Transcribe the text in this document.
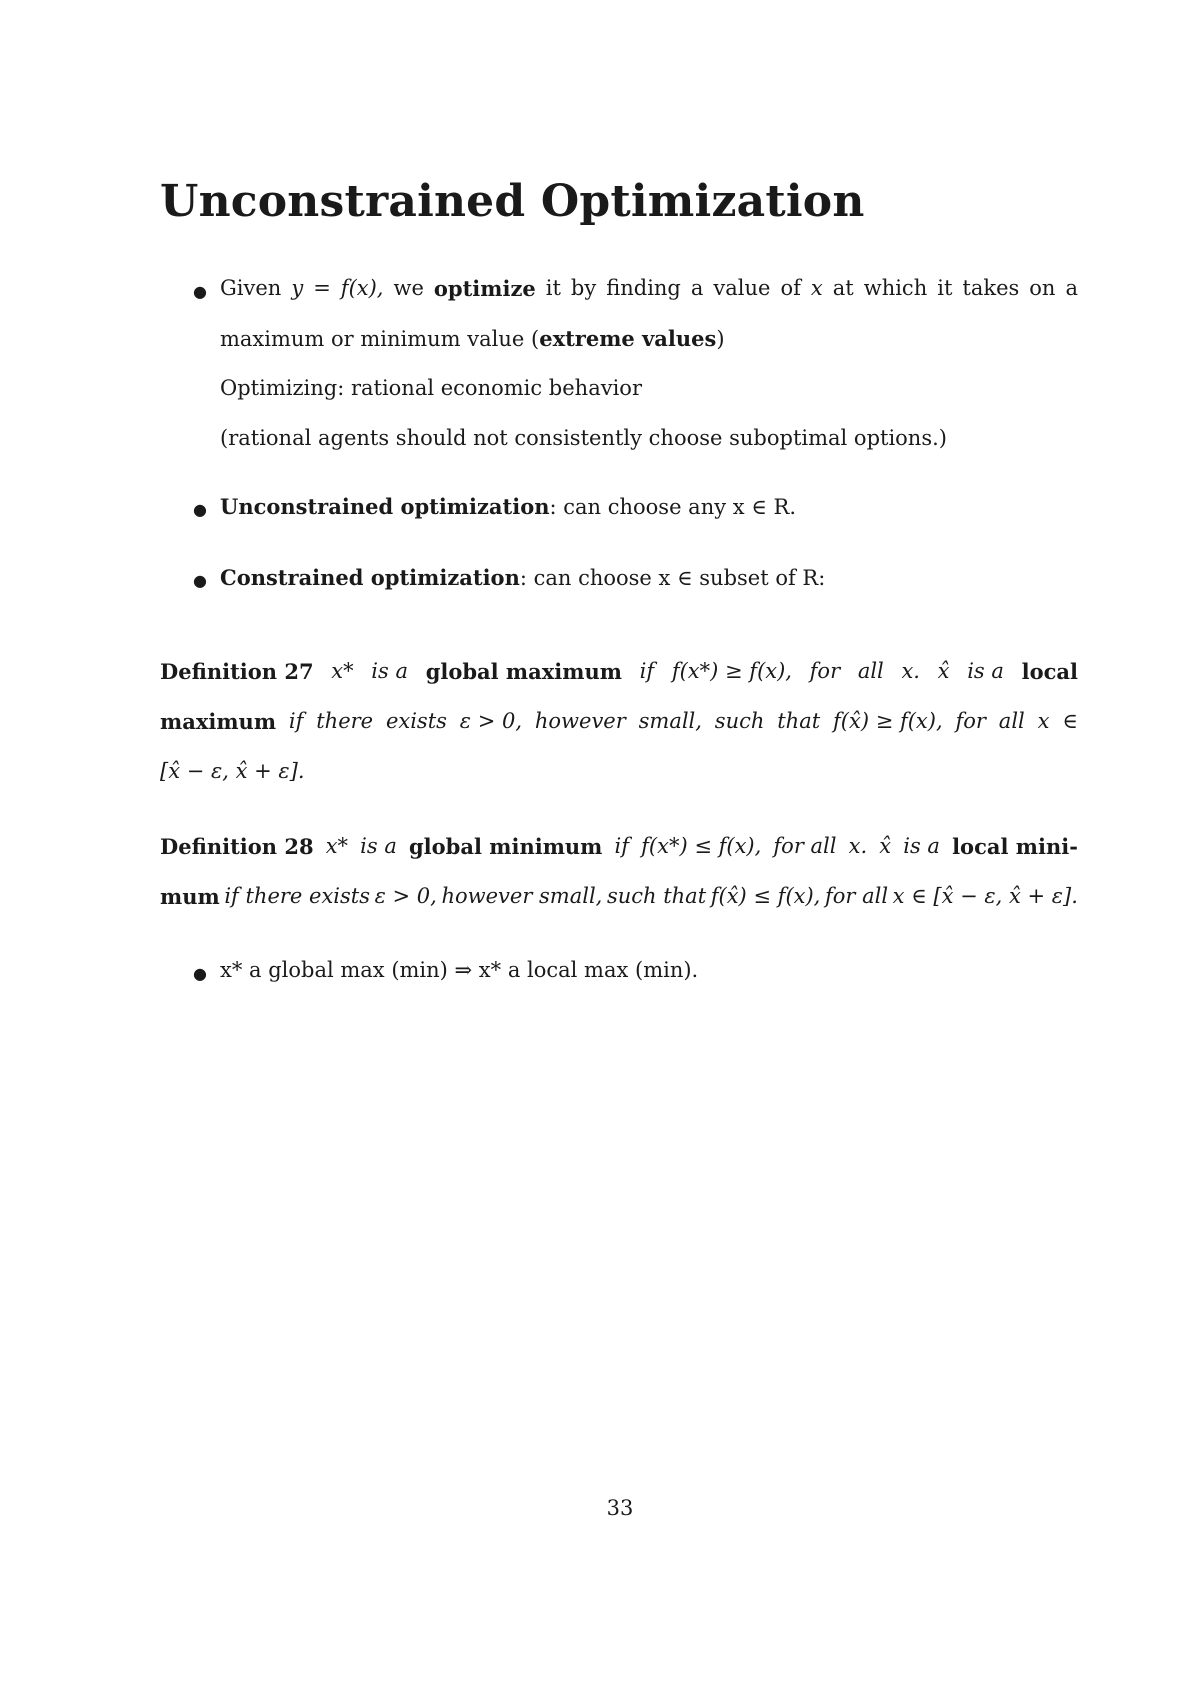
Unconstrained Optimization
● Given y = f(x), we optimize it by finding a value of x at which it takes on a
maximum or minimum value (extreme values)
Optimizing: rational economic behavior
(rational agents should not consistently choose suboptimal options.)
● Unconstrained optimization: can choose any x ∈ R.
● Constrained optimization: can choose x ∈ subset of R:
Definition 27 x* is a global maximum if f(x*) ≥ f(x), for all x. x̂ is a local
maximum if there exists ε > 0, however small, such that f(x̂) ≥ f(x), for all x ∈
[x̂ − ε, x̂ + ε].
Definition 28 x* is a global minimum if f(x*) ≤ f(x), for all x. x̂ is a local mini-
mum if there exists ε > 0, however small, such that f(x̂) ≤ f(x), for all x ∈ [x̂ − ε, x̂ + ε].
● x* a global max (min) ⇒ x* a local max (min).
33
